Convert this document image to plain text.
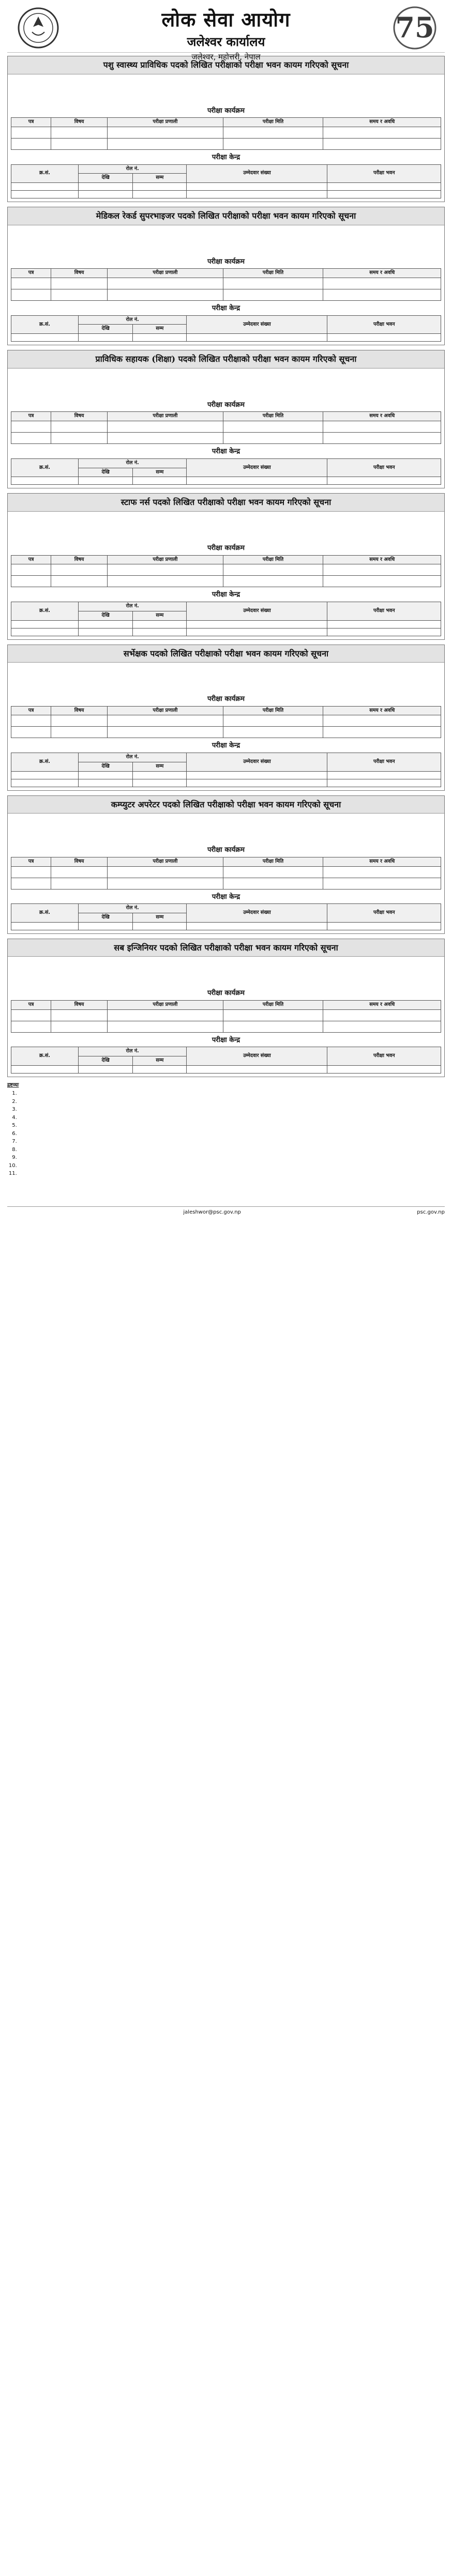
लोक सेवा आयोग
जलेश्वर कार्यालय
जलेश्वर, महोत्तरी, नेपाल
75
पशु स्वास्थ्य प्राविधिक पदको लिखित परीक्षाको परीक्षा भवन कायम गरिएको सूचना
परीक्षा कार्यक्रम
पत्र	विषय	परीक्षा प्रणाली	परीक्षा मिति	समय र अवधि

परीक्षा केन्द्र
क्र.सं.	रोल नं.		उम्मेदवार संख्या	परीक्षा भवन
	देखि	सम्म		

मेडिकल रेकर्ड सुपरभाइजर पदको लिखित परीक्षाको परीक्षा भवन कायम गरिएको सूचना
परीक्षा कार्यक्रम
पत्र	विषय	परीक्षा प्रणाली	परीक्षा मिति	समय र अवधि

परीक्षा केन्द्र
क्र.सं.	रोल नं.		उम्मेदवार संख्या	परीक्षा भवन
	देखि	सम्म		

प्राविधिक सहायक (शिक्षा) पदको लिखित परीक्षाको परीक्षा भवन कायम गरिएको सूचना
परीक्षा कार्यक्रम
पत्र	विषय	परीक्षा प्रणाली	परीक्षा मिति	समय र अवधि

परीक्षा केन्द्र
क्र.सं.	रोल नं.		उम्मेदवार संख्या	परीक्षा भवन
	देखि	सम्म		

स्टाफ नर्स पदको लिखित परीक्षाको परीक्षा भवन कायम गरिएको सूचना
परीक्षा कार्यक्रम
पत्र	विषय	परीक्षा प्रणाली	परीक्षा मिति	समय र अवधि

परीक्षा केन्द्र
क्र.सं.	रोल नं.		उम्मेदवार संख्या	परीक्षा भवन
	देखि	सम्म		

सर्भेक्षक पदको लिखित परीक्षाको परीक्षा भवन कायम गरिएको सूचना
परीक्षा कार्यक्रम
पत्र	विषय	परीक्षा प्रणाली	परीक्षा मिति	समय र अवधि

परीक्षा केन्द्र
क्र.सं.	रोल नं.		उम्मेदवार संख्या	परीक्षा भवन
	देखि	सम्म		

कम्प्युटर अपरेटर पदको लिखित परीक्षाको परीक्षा भवन कायम गरिएको सूचना
परीक्षा कार्यक्रम
पत्र	विषय	परीक्षा प्रणाली	परीक्षा मिति	समय र अवधि

परीक्षा केन्द्र
क्र.सं.	रोल नं.		उम्मेदवार संख्या	परीक्षा भवन
	देखि	सम्म		

सब इन्जिनियर पदको लिखित परीक्षाको परीक्षा भवन कायम गरिएको सूचना
परीक्षा कार्यक्रम
पत्र	विषय	परीक्षा प्रणाली	परीक्षा मिति	समय र अवधि

परीक्षा केन्द्र
क्र.सं.	रोल नं.		उम्मेदवार संख्या	परीक्षा भवन
	देखि	सम्म		

द्रष्टव्यः
1.
2.
3.
4.
5.
6.
7.
8.
9.
10.
11.
jaleshwor@psc.gov.np	psc.gov.np
